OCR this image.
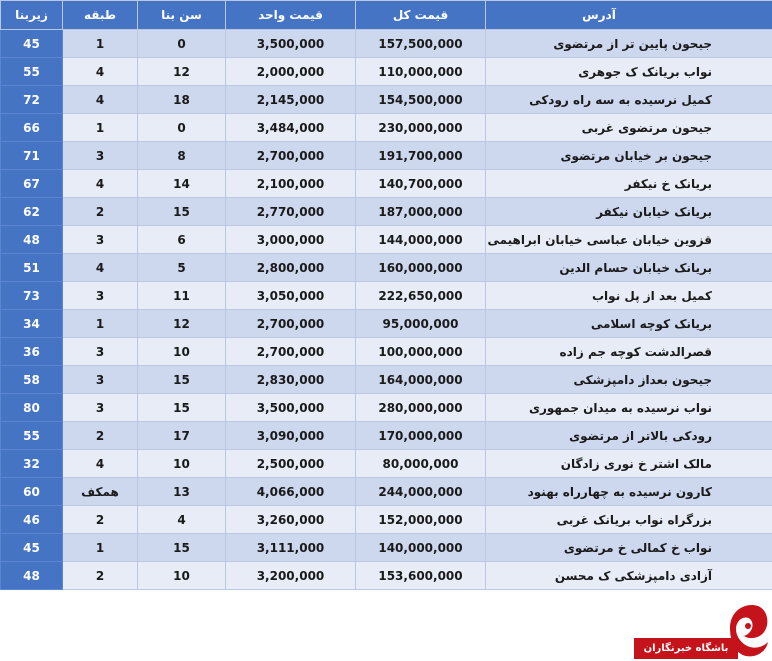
زیربنا	طبقه	سن بنا	قیمت واحد	قیمت کل	آدرس
45	1	0	3,500,000	157,500,000	جیحون پایین تر از مرتضوی
55	4	12	2,000,000	110,000,000	نواب بریانک ک جوهری
72	4	18	2,145,000	154,500,000	کمیل نرسیده به سه راه رودکی
66	1	0	3,484,000	230,000,000	جیحون مرتضوی غربی
71	3	8	2,700,000	191,700,000	جیحون بر خیابان مرتضوی
67	4	14	2,100,000	140,700,000	بریانک خ نیکفر
62	2	15	2,770,000	187,000,000	بریانک خیابان نیکفر
48	3	6	3,000,000	144,000,000	قزوین خیابان عباسی خیابان ابراهیمی
51	4	5	2,800,000	160,000,000	بریانک خیابان حسام الدین
73	3	11	3,050,000	222,650,000	کمیل بعد از پل نواب
34	1	12	2,700,000	95,000,000	بریانک کوچه اسلامی
36	3	10	2,700,000	100,000,000	قصرالدشت کوچه جم زاده
58	3	15	2,830,000	164,000,000	جیحون بعداز دامپزشکی
80	3	15	3,500,000	280,000,000	نواب نرسیده به میدان جمهوری
55	2	17	3,090,000	170,000,000	رودکی بالاتر از مرتضوی
32	4	10	2,500,000	80,000,000	مالک اشتر خ نوری زادگان
60	همکف	13	4,066,000	244,000,000	کارون نرسیده به چهارراه بهنود
46	2	4	3,260,000	152,000,000	بزرگراه نواب بریانک غربی
45	1	15	3,111,000	140,000,000	نواب خ کمالی خ مرتضوی
48	2	10	3,200,000	153,600,000	آزادی دامپزشکی ک محسن
باشگاه خبرنگاران
